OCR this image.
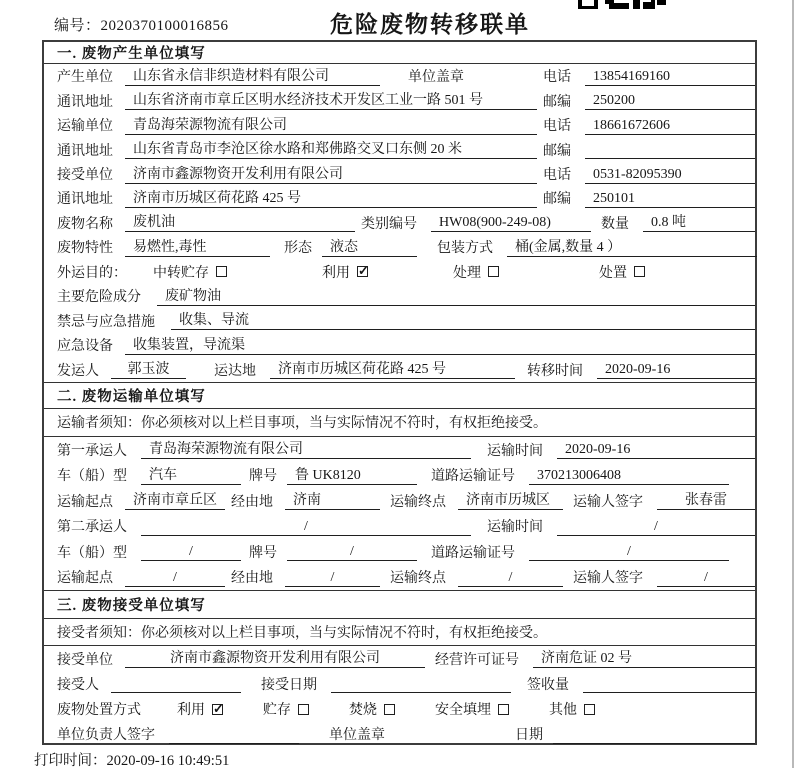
编号：2020370100016856	危险废物转移联单
一. 废物产生单位填写
产生单位	山东省永信非织造材料有限公司	单位盖章	电话	13854169160
通讯地址	山东省济南市章丘区明水经济技术开发区工业一路 501 号	邮编	250200
运输单位	青岛海荣源物流有限公司	电话	18661672606
通讯地址	山东省青岛市李沧区徐水路和郑佛路交叉口东侧 20 米	邮编
接受单位	济南市鑫源物资开发利用有限公司	电话	0531-82095390
通讯地址	济南市历城区荷花路 425 号	邮编	250101
废物名称	废机油	类别编号	HW08(900-249-08)	数量	0.8 吨
废物特性	易燃性,毒性	形态	液态	包装方式	桶(金属,数量 4 ）
外运目的：	中转贮存	利用 ✓	处理	处置
主要危险成分	废矿物油
禁忌与应急措施	收集、导流
应急设备	收集装置，导流渠
发运人	郭玉波	运达地	济南市历城区荷花路 425 号	转移时间	2020-09-16
二. 废物运输单位填写
运输者须知：你必须核对以上栏目事项，当与实际情况不符时，有权拒绝接受。
第一承运人	青岛海荣源物流有限公司	运输时间	2020-09-16
车（船）型	汽车	牌号	鲁 UK8120	道路运输证号	370213006408
运输起点	济南市章丘区	经由地	济南	运输终点	济南市历城区	运输人签字	张春雷
第二承运人	/	运输时间	/
车（船）型	/	牌号	/	道路运输证号	/
运输起点	/	经由地	/	运输终点	/	运输人签字	/
三. 废物接受单位填写
接受者须知：你必须核对以上栏目事项，当与实际情况不符时，有权拒绝接受。
接受单位	济南市鑫源物资开发利用有限公司	经营许可证号	济南危证 02 号
接受人	接受日期	签收量
废物处置方式	利用 ✓	贮存	焚烧	安全填埋	其他
单位负责人签字	单位盖章	日期
打印时间：2020-09-16 10:49:51
